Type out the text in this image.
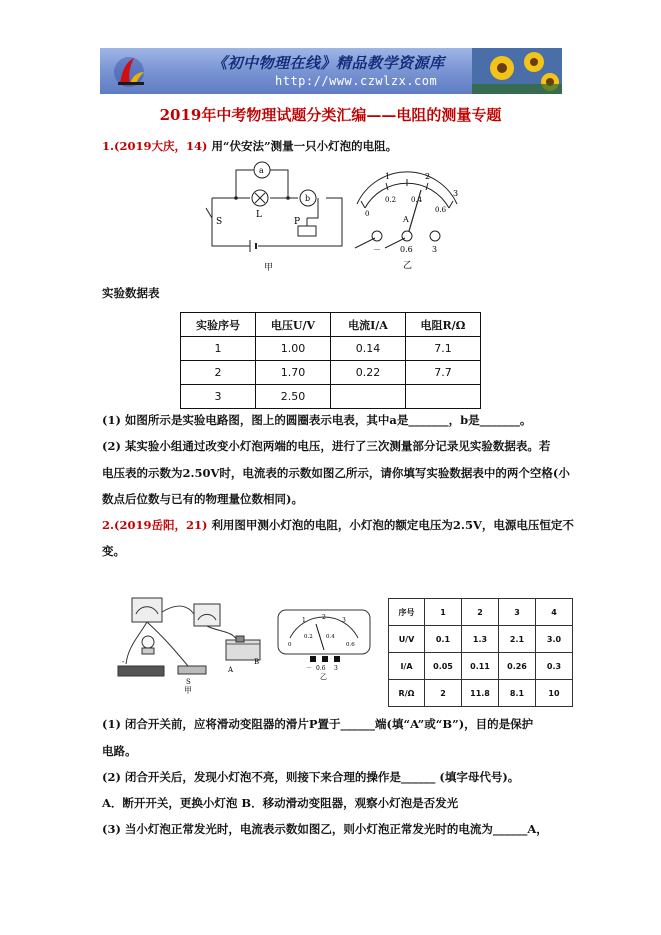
《初中物理在线》精品教学资源库
http://www.czwlzx.com
2019年中考物理试题分类汇编——电阻的测量专题
1.(2019大庆，14) 用“伏安法”测量一只小灯泡的电阻。
a
b
L
S	P
甲
1	2
3
0
0.2 0.4
0.6
A
－ 0.6 3
乙
实验数据表
实验序号	电压U/V	电流I/A	电阻R/Ω
1	1.00	0.14	7.1
2	1.70	0.22	7.7
3	2.50		
(1) 如图所示是实验电路图，图上的圆圈表示电表，其中a是_______，b是_______。
(2) 某实验小组通过改变小灯泡两端的电压，进行了三次测量部分记录见实验数据表。若
电压表的示数为2.50V时，电流表的示数如图乙所示，请你填写实验数据表中的两个空格(小
数点后位数与已有的物理量位数相同)。
2.(2019岳阳，21) 利用图甲测小灯泡的电阻，小灯泡的额定电压为2.5V，电源电压恒定不
变。
-
S
A
B
甲
1	2	3
0
0.2 0.4
0.6
－ 0.6 3
乙
序号	1	2	3	4
U/V	0.1	1.3	2.1	3.0
I/A	0.05	0.11	0.26	0.3
R/Ω	2	11.8	8.1	10
(1) 闭合开关前，应将滑动变阻器的滑片P置于______端(填“A”或“B”)，目的是保护
电路。
(2) 闭合开关后，发现小灯泡不亮，则接下来合理的操作是______ (填字母代号)。
A．断开开关，更换小灯泡 B．移动滑动变阻器，观察小灯泡是否发光
(3) 当小灯泡正常发光时，电流表示数如图乙，则小灯泡正常发光时的电流为______A，
